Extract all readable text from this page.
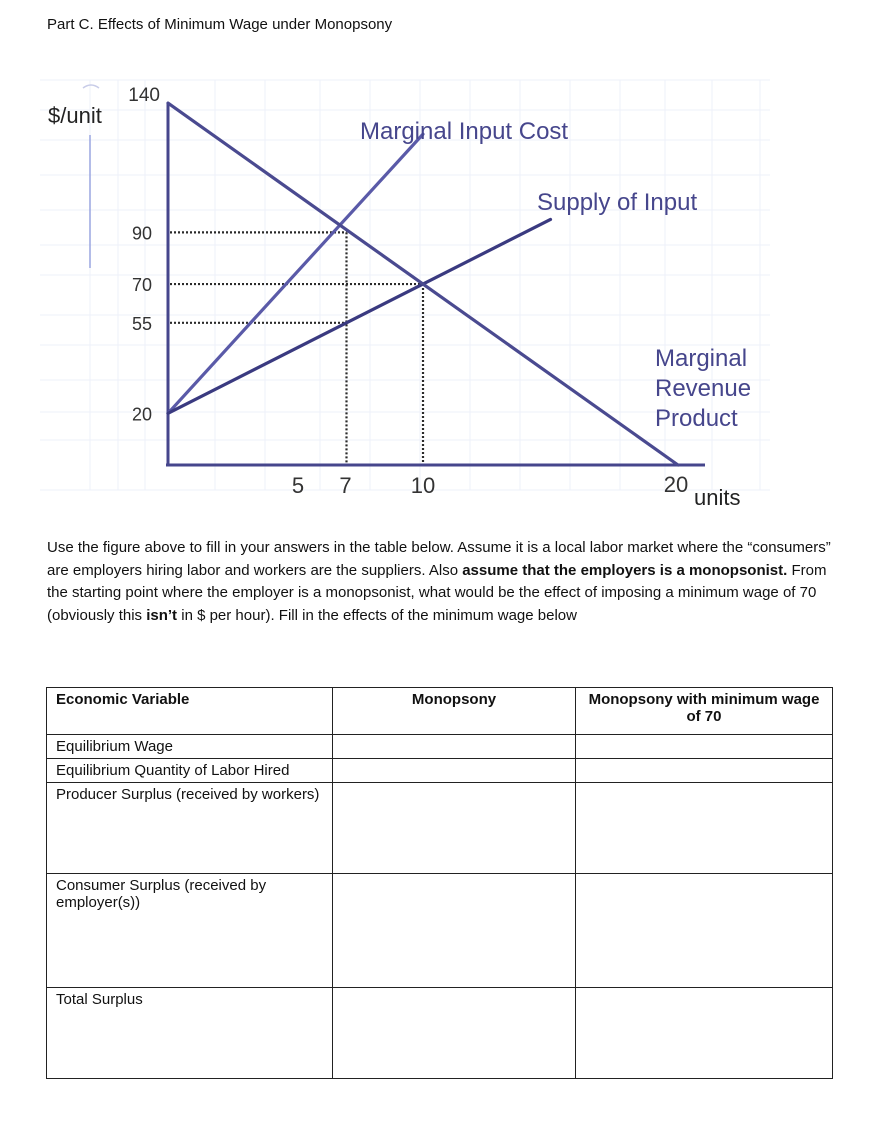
Part C. Effects of Minimum Wage under Monopsony
$/unit
units
Marginal Input Cost
Supply of Input
Marginal
Revenue
Product
140
90
70
55
20
5 7	10	20
Use the figure above to fill in your answers in the table below. Assume it is a local labor market where the “consumers” are employers hiring labor and workers are the suppliers. Also assume that the employers is a monopsonist. From the starting point where the employer is a monopsonist, what would be the effect of imposing a minimum wage of 70 (obviously this isn’t in $ per hour). Fill in the effects of the minimum wage below
Economic Variable	Monopsony	Monopsony with minimum wage of 70
Equilibrium Wage		
Equilibrium Quantity of Labor Hired		
Producer Surplus (received by workers)		
Consumer Surplus (received by employer(s))		
Total Surplus		
